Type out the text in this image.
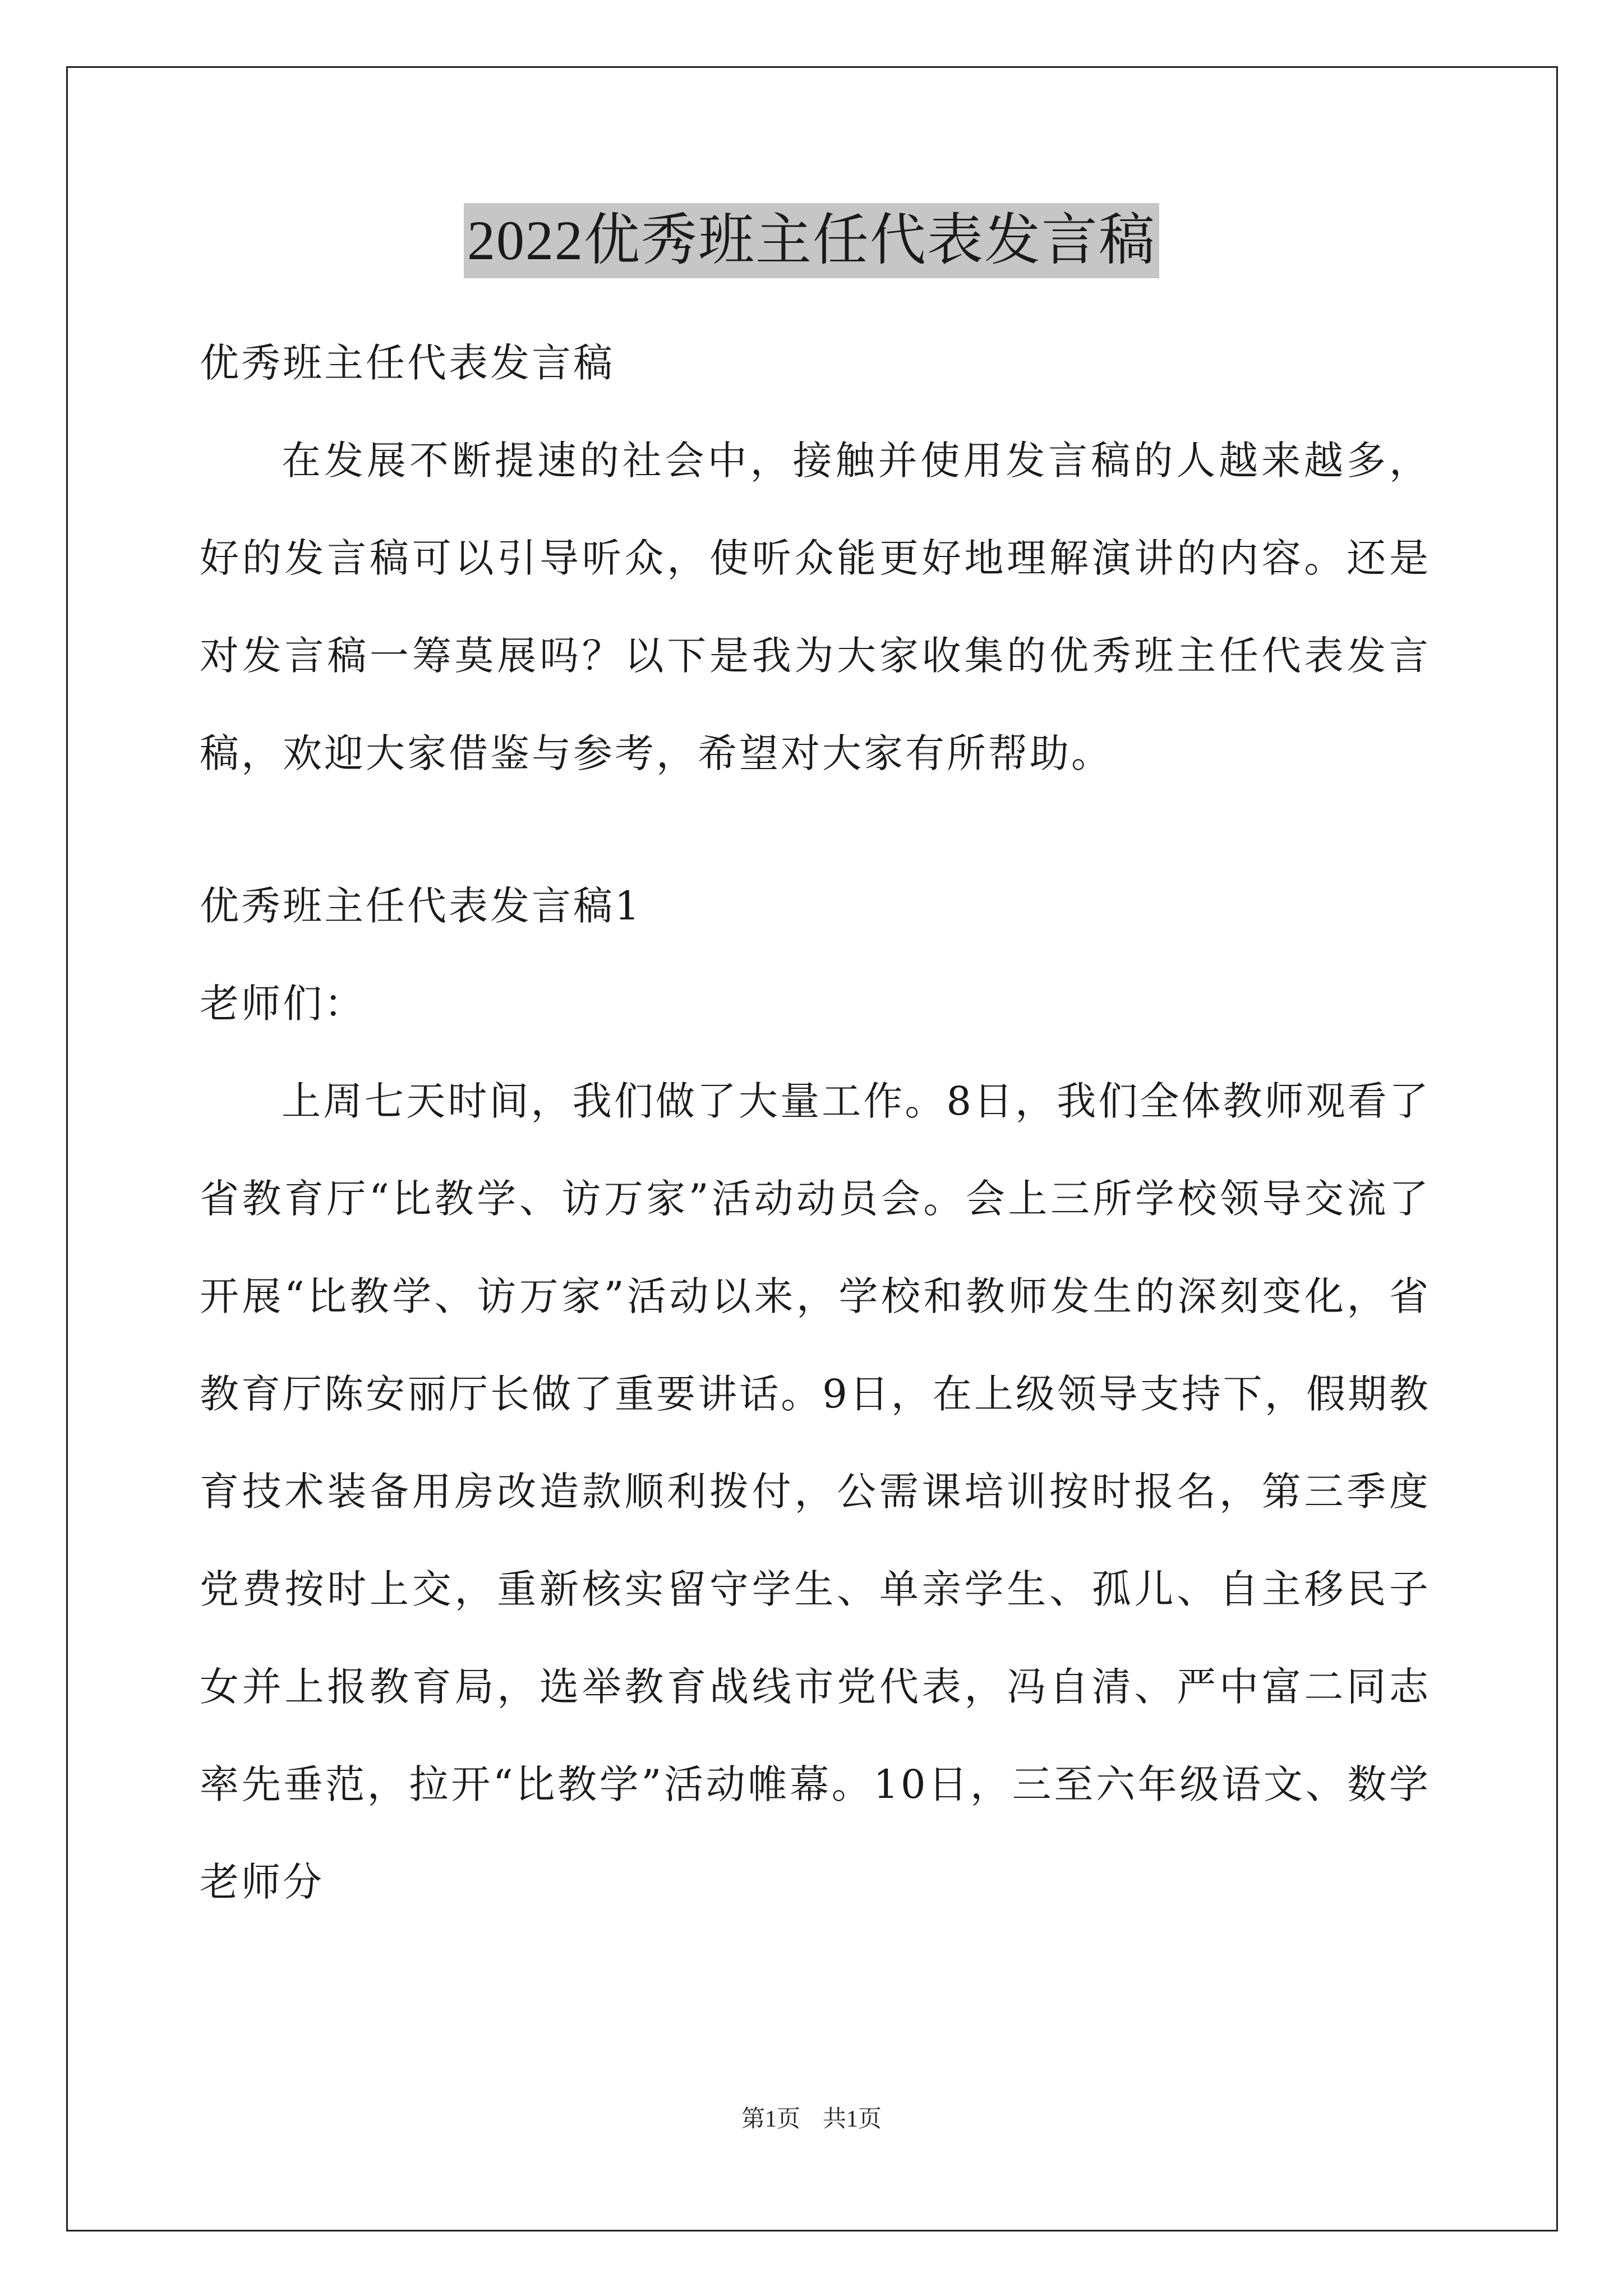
2022优秀班主任代表发言稿

优秀班主任代表发言稿

在发展不断提速的社会中，接触并使用发言稿的人越来越多，好的发言稿可以引导听众，使听众能更好地理解演讲的内容。还是对发言稿一筹莫展吗？以下是我为大家收集的优秀班主任代表发言稿，欢迎大家借鉴与参考，希望对大家有所帮助。

优秀班主任代表发言稿1

老师们：

上周七天时间，我们做了大量工作。8日，我们全体教师观看了省教育厅“比教学、访万家”活动动员会。会上三所学校领导交流了开展“比教学、访万家”活动以来，学校和教师发生的深刻变化，省教育厅陈安丽厅长做了重要讲话。9日，在上级领导支持下，假期教育技术装备用房改造款顺利拨付，公需课培训按时报名，第三季度党费按时上交，重新核实留守学生、单亲学生、孤儿、自主移民子女并上报教育局，选举教育战线市党代表，冯自清、严中富二同志率先垂范，拉开“比教学”活动帷幕。10日，三至六年级语文、数学老师分

第1页 共1页
